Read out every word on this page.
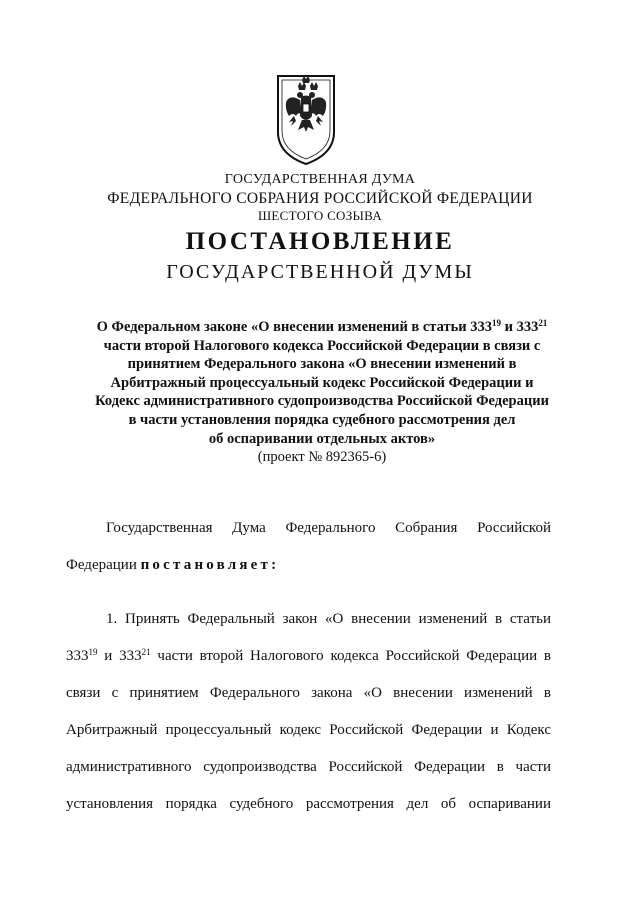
ГОСУДАРСТВЕННАЯ ДУМА
ФЕДЕРАЛЬНОГО СОБРАНИЯ РОССИЙСКОЙ ФЕДЕРАЦИИ
ШЕСТОГО СОЗЫВА
ПОСТАНОВЛЕНИЕ
ГОСУДАРСТВЕННОЙ ДУМЫ
О Федеральном законе «О внесении изменений в статьи $333^{19}$ и $333^{21}$
части второй Налогового кодекса Российской Федерации в связи с
принятием Федерального закона «О внесении изменений в
Арбитражный процессуальный кодекс Российской Федерации и
Кодекс административного судопроизводства Российской Федерации
в части установления порядка судебного рассмотрения дел
об оспаривании отдельных актов»
(проект № 892365-6)
Государственная Дума Федерального Собрания Российской
Федерации постановляет:
1. Принять Федеральный закон «О внесении изменений в статьи
$333^{19}$ и $333^{21}$ части второй Налогового кодекса Российской Федерации в
связи с принятием Федерального закона «О внесении изменений в
Арбитражный процессуальный кодекс Российской Федерации и Кодекс
административного судопроизводства Российской Федерации в части
установления порядка судебного рассмотрения дел об оспаривании
